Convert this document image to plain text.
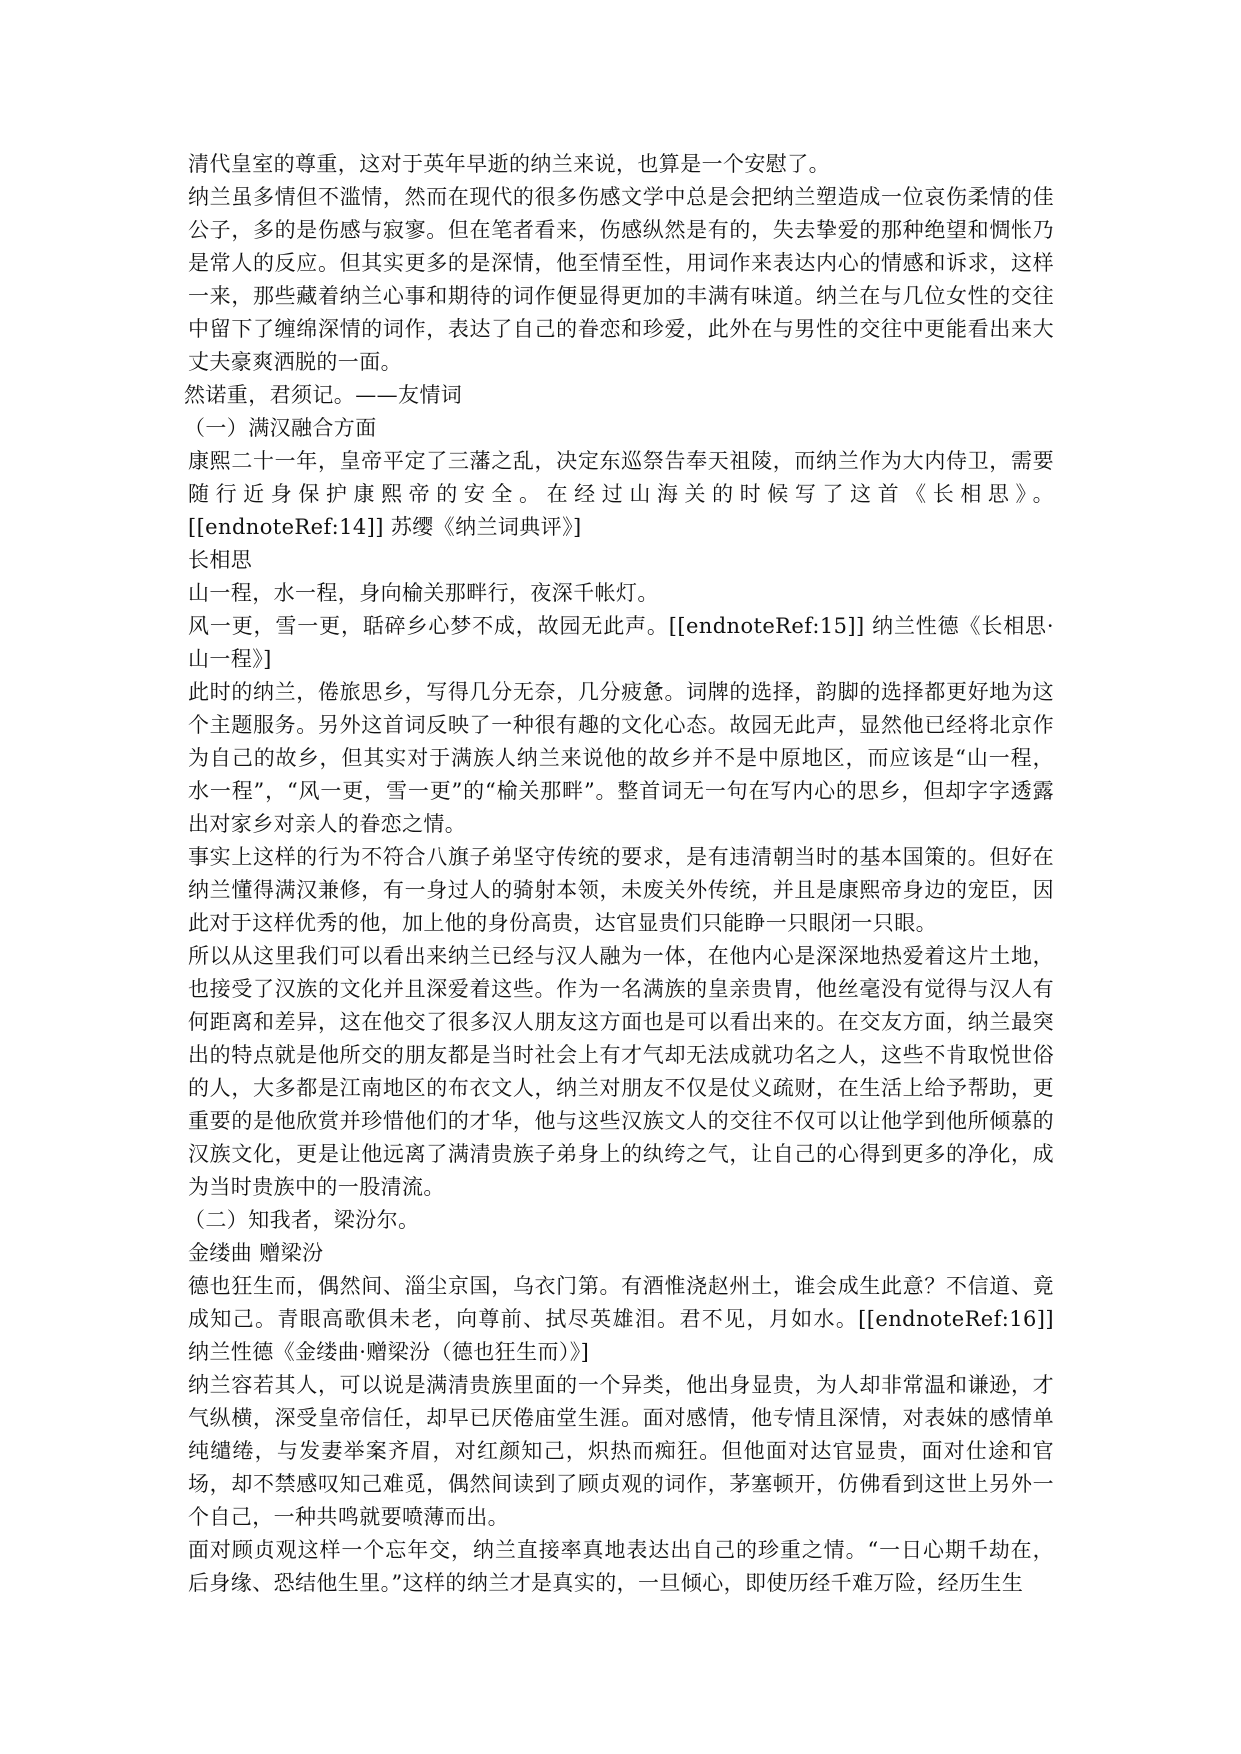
清代皇室的尊重，这对于英年早逝的纳兰来说，也算是一个安慰了。

纳兰虽多情但不滥情，然而在现代的很多伤感文学中总是会把纳兰塑造成一位哀伤柔情的佳公子，多的是伤感与寂寥。但在笔者看来，伤感纵然是有的，失去挚爱的那种绝望和惆怅乃是常人的反应。但其实更多的是深情，他至情至性，用词作来表达内心的情感和诉求，这样一来，那些藏着纳兰心事和期待的词作便显得更加的丰满有味道。纳兰在与几位女性的交往中留下了缠绵深情的词作，表达了自己的眷恋和珍爱，此外在与男性的交往中更能看出来大丈夫豪爽洒脱的一面。

然诺重，君须记。——友情词

（一）满汉融合方面

康熙二十一年，皇帝平定了三藩之乱，决定东巡祭告奉天祖陵，而纳兰作为大内侍卫，需要随行近身保护康熙帝的安全。在经过山海关的时候写了这首《长相思》。[[endnoteRef:14]] 苏缨《纳兰词典评》]

长相思

山一程，水一程，身向榆关那畔行，夜深千帐灯。

风一更，雪一更，聒碎乡心梦不成，故园无此声。[[endnoteRef:15]] 纳兰性德《长相思·山一程》]

此时的纳兰，倦旅思乡，写得几分无奈，几分疲惫。词牌的选择，韵脚的选择都更好地为这个主题服务。另外这首词反映了一种很有趣的文化心态。故园无此声，显然他已经将北京作为自己的故乡，但其实对于满族人纳兰来说他的故乡并不是中原地区，而应该是“山一程，水一程”，“风一更，雪一更”的“榆关那畔”。整首词无一句在写内心的思乡，但却字字透露出对家乡对亲人的眷恋之情。

事实上这样的行为不符合八旗子弟坚守传统的要求，是有违清朝当时的基本国策的。但好在纳兰懂得满汉兼修，有一身过人的骑射本领，未废关外传统，并且是康熙帝身边的宠臣，因此对于这样优秀的他，加上他的身份高贵，达官显贵们只能睁一只眼闭一只眼。

所以从这里我们可以看出来纳兰已经与汉人融为一体，在他内心是深深地热爱着这片土地，也接受了汉族的文化并且深爱着这些。作为一名满族的皇亲贵胄，他丝毫没有觉得与汉人有何距离和差异，这在他交了很多汉人朋友这方面也是可以看出来的。在交友方面，纳兰最突出的特点就是他所交的朋友都是当时社会上有才气却无法成就功名之人，这些不肯取悦世俗的人，大多都是江南地区的布衣文人，纳兰对朋友不仅是仗义疏财，在生活上给予帮助，更重要的是他欣赏并珍惜他们的才华，他与这些汉族文人的交往不仅可以让他学到他所倾慕的汉族文化，更是让他远离了满清贵族子弟身上的纨绔之气，让自己的心得到更多的净化，成为当时贵族中的一股清流。

（二）知我者，梁汾尔。

金缕曲 赠梁汾

德也狂生而，偶然间、淄尘京国，乌衣门第。有酒惟浇赵州土，谁会成生此意？不信道、竟成知己。青眼高歌俱未老，向尊前、拭尽英雄泪。君不见，月如水。[[endnoteRef:16]] 纳兰性德《金缕曲·赠梁汾（德也狂生而）》]

纳兰容若其人，可以说是满清贵族里面的一个异类，他出身显贵，为人却非常温和谦逊，才气纵横，深受皇帝信任，却早已厌倦庙堂生涯。面对感情，他专情且深情，对表妹的感情单纯缱绻，与发妻举案齐眉，对红颜知己，炽热而痴狂。但他面对达官显贵，面对仕途和官场，却不禁感叹知己难觅，偶然间读到了顾贞观的词作，茅塞顿开，仿佛看到这世上另外一个自己，一种共鸣就要喷薄而出。

面对顾贞观这样一个忘年交，纳兰直接率真地表达出自己的珍重之情。“一日心期千劫在，后身缘、恐结他生里。”这样的纳兰才是真实的，一旦倾心，即使历经千难万险，经历生生
